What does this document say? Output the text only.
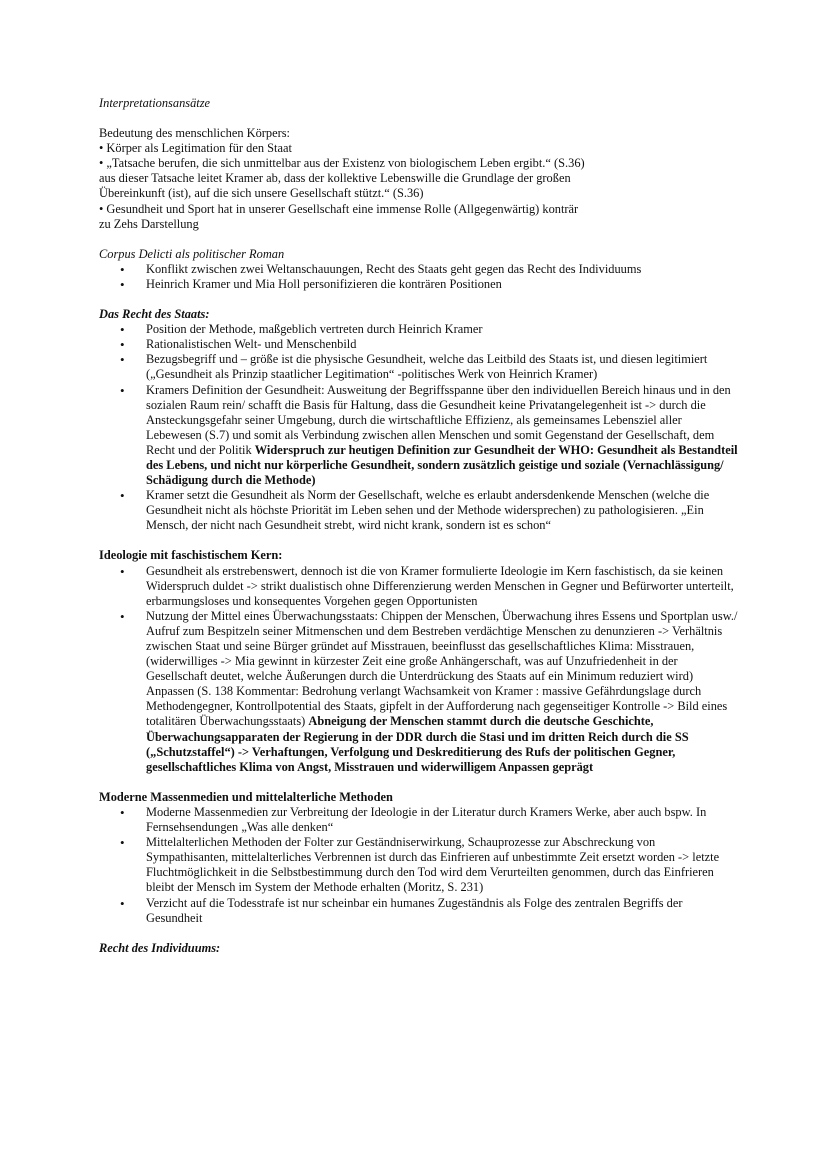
Interpretationsansätze

Bedeutung des menschlichen Körpers:

• Körper als Legitimation für den Staat

• „Tatsache berufen, die sich unmittelbar aus der Existenz von biologischem Leben ergibt.“ (S.36)

aus dieser Tatsache leitet Kramer ab, dass der kollektive Lebenswille die Grundlage der großen

Übereinkunft (ist), auf die sich unsere Gesellschaft stützt.“ (S.36)

• Gesundheit und Sport hat in unserer Gesellschaft eine immense Rolle (Allgegenwärtig) konträr

zu Zehs Darstellung

Corpus Delicti als politischer Roman

• Konflikt zwischen zwei Weltanschauungen, Recht des Staats geht gegen das Recht des Individuums
• Heinrich Kramer und Mia Holl personifizieren die konträren Positionen

Das Recht des Staats:

• Position der Methode, maßgeblich vertreten durch Heinrich Kramer
• Rationalistischen Welt- und Menschenbild
• Bezugsbegriff und – größe ist die physische Gesundheit, welche das Leitbild des Staats ist, und diesen legitimiert („Gesundheit als Prinzip staatlicher Legitimation“ -politisches Werk von Heinrich Kramer)
• Kramers Definition der Gesundheit: Ausweitung der Begriffsspanne über den individuellen Bereich hinaus und in den sozialen Raum rein/ schafft die Basis für Haltung, dass die Gesundheit keine Privatangelegenheit ist -> durch die Ansteckungsgefahr seiner Umgebung, durch die wirtschaftliche Effizienz, als gemeinsames Lebensziel aller Lebewesen (S.7) und somit als Verbindung zwischen allen Menschen und somit Gegenstand der Gesellschaft, dem Recht und der Politik Widerspruch zur heutigen Definition zur Gesundheit der WHO: Gesundheit als Bestandteil des Lebens, und nicht nur körperliche Gesundheit, sondern zusätzlich geistige und soziale (Vernachlässigung/ Schädigung durch die Methode)
• Kramer setzt die Gesundheit als Norm der Gesellschaft, welche es erlaubt andersdenkende Menschen (welche die Gesundheit nicht als höchste Priorität im Leben sehen und der Methode widersprechen) zu pathologisieren. „Ein Mensch, der nicht nach Gesundheit strebt, wird nicht krank, sondern ist es schon“

Ideologie mit faschistischem Kern:

• Gesundheit als erstrebenswert, dennoch ist die von Kramer formulierte Ideologie im Kern faschistisch, da sie keinen Widerspruch duldet -> strikt dualistisch ohne Differenzierung werden Menschen in Gegner und Befürworter unterteilt, erbarmungsloses und konsequentes Vorgehen gegen Opportunisten
• Nutzung der Mittel eines Überwachungsstaats: Chippen der Menschen, Überwachung ihres Essens und Sportplan usw./ Aufruf zum Bespitzeln seiner Mitmenschen und dem Bestreben verdächtige Menschen zu denunzieren -> Verhältnis zwischen Staat und seine Bürger gründet auf Misstrauen, beeinflusst das gesellschaftliches Klima: Misstrauen, (widerwilliges -> Mia gewinnt in kürzester Zeit eine große Anhängerschaft, was auf Unzufriedenheit in der Gesellschaft deutet, welche Äußerungen durch die Unterdrückung des Staats auf ein Minimum reduziert wird) Anpassen (S. 138 Kommentar: Bedrohung verlangt Wachsamkeit von Kramer : massive Gefährdungslage durch Methodengegner, Kontrollpotential des Staats, gipfelt in der Aufforderung nach gegenseitiger Kontrolle -> Bild eines totalitären Überwachungsstaats) Abneigung der Menschen stammt durch die deutsche Geschichte, Überwachungsapparaten der Regierung in der DDR durch die Stasi und im dritten Reich durch die SS („Schutzstaffel“) -> Verhaftungen, Verfolgung und Deskreditierung des Rufs der politischen Gegner, gesellschaftliches Klima von Angst, Misstrauen und widerwilligem Anpassen geprägt

Moderne Massenmedien und mittelalterliche Methoden

• Moderne Massenmedien zur Verbreitung der Ideologie in der Literatur durch Kramers Werke, aber auch bspw. In Fernsehsendungen „Was alle denken“
• Mittelalterlichen Methoden der Folter zur Geständniserwirkung, Schauprozesse zur Abschreckung von Sympathisanten, mittelalterliches Verbrennen ist durch das Einfrieren auf unbestimmte Zeit ersetzt worden -> letzte Fluchtmöglichkeit in die Selbstbestimmung durch den Tod wird dem Verurteilten genommen, durch das Einfrieren bleibt der Mensch im System der Methode erhalten (Moritz, S. 231)
• Verzicht auf die Todesstrafe ist nur scheinbar ein humanes Zugeständnis als Folge des zentralen Begriffs der Gesundheit

Recht des Individuums:
